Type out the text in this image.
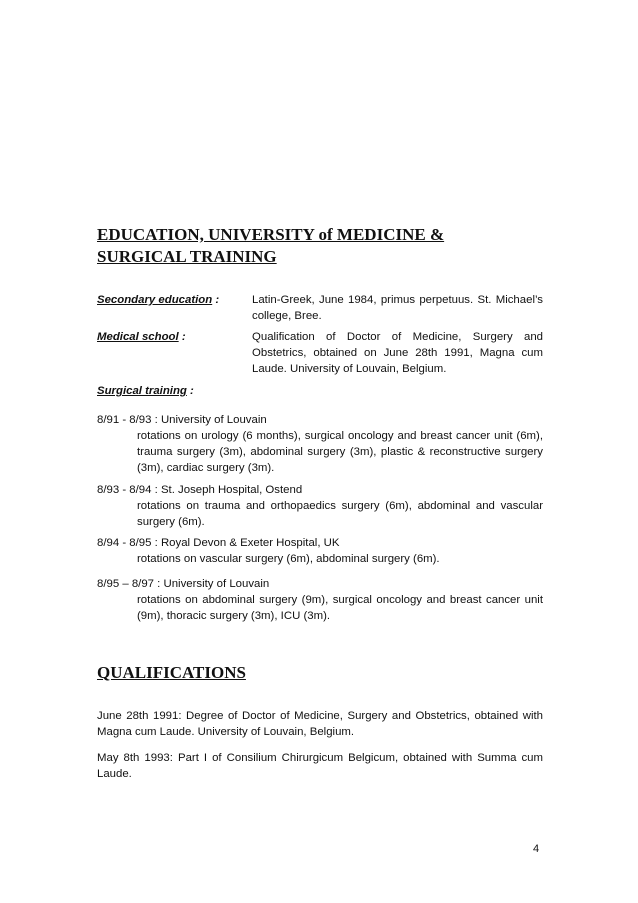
EDUCATION, UNIVERSITY of MEDICINE &
SURGICAL TRAINING
Secondary education :	Latin-Greek, June 1984, primus perpetuus. St. Michael’s college, Bree.
Medical school :	Qualification of Doctor of Medicine, Surgery and Obstetrics, obtained on June 28th 1991, Magna cum Laude. University of Louvain, Belgium.
Surgical training :
8/91 - 8/93 : University of Louvain
rotations on urology (6 months), surgical oncology and breast cancer unit (6m), trauma surgery (3m), abdominal surgery (3m), plastic & reconstructive surgery (3m), cardiac surgery (3m).
8/93 - 8/94 : St. Joseph Hospital, Ostend
rotations on trauma and orthopaedics surgery (6m), abdominal and vascular surgery (6m).
8/94 - 8/95 : Royal Devon & Exeter Hospital, UK
rotations on vascular surgery (6m), abdominal surgery (6m).
8/95 – 8/97 : University of Louvain
rotations on abdominal surgery (9m), surgical oncology and breast cancer unit (9m), thoracic surgery (3m), ICU (3m).
QUALIFICATIONS
June 28th 1991: Degree of Doctor of Medicine, Surgery and Obstetrics, obtained with Magna cum Laude. University of Louvain, Belgium.
May 8th 1993: Part I of Consilium Chirurgicum Belgicum, obtained with Summa cum Laude.
4
